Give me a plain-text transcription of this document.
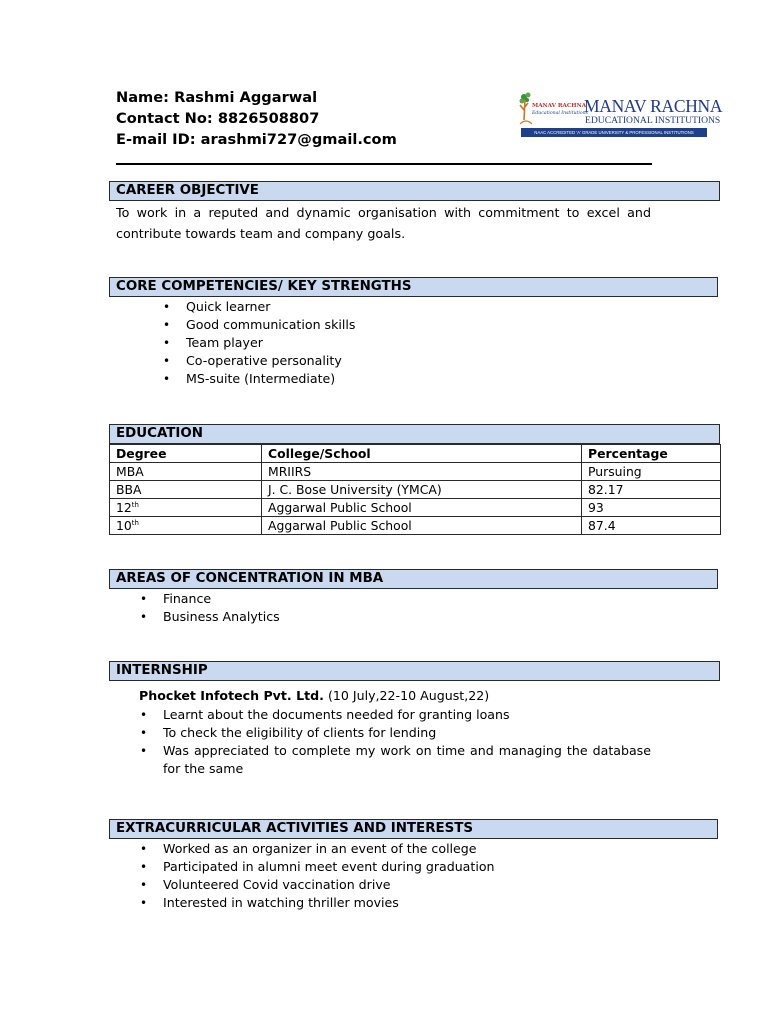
Name: Rashmi Aggarwal
Contact No: 8826508807
E-mail ID: arashmi727@gmail.com
MANAV RACHNA
Educational Institutions
MANAV RACHNA
EDUCATIONAL INSTITUTIONS
NAAC ACCREDITED 'A' GRADE UNIVERSITY & PROFESSIONAL INSTITUTIONS
CAREER OBJECTIVE
To work in a reputed and dynamic organisation with commitment to excel and contribute towards team and company goals.
CORE COMPETENCIES/ KEY STRENGTHS
• Quick learner
• Good communication skills
• Team player
• Co-operative personality
• MS-suite (Intermediate)
EDUCATION
Degree	College/School	Percentage
MBA	MRIIRS	Pursuing
BBA	J. C. Bose University (YMCA)	82.17
12th	Aggarwal Public School	93
10th	Aggarwal Public School	87.4
AREAS OF CONCENTRATION IN MBA
• Finance
• Business Analytics
INTERNSHIP
Phocket Infotech Pvt. Ltd. (10 July,22-10 August,22)
• Learnt about the documents needed for granting loans
• To check the eligibility of clients for lending
• Was appreciated to complete my work on time and managing the database for the same
EXTRACURRICULAR ACTIVITIES AND INTERESTS
• Worked as an organizer in an event of the college
• Participated in alumni meet event during graduation
• Volunteered Covid vaccination drive
• Interested in watching thriller movies
